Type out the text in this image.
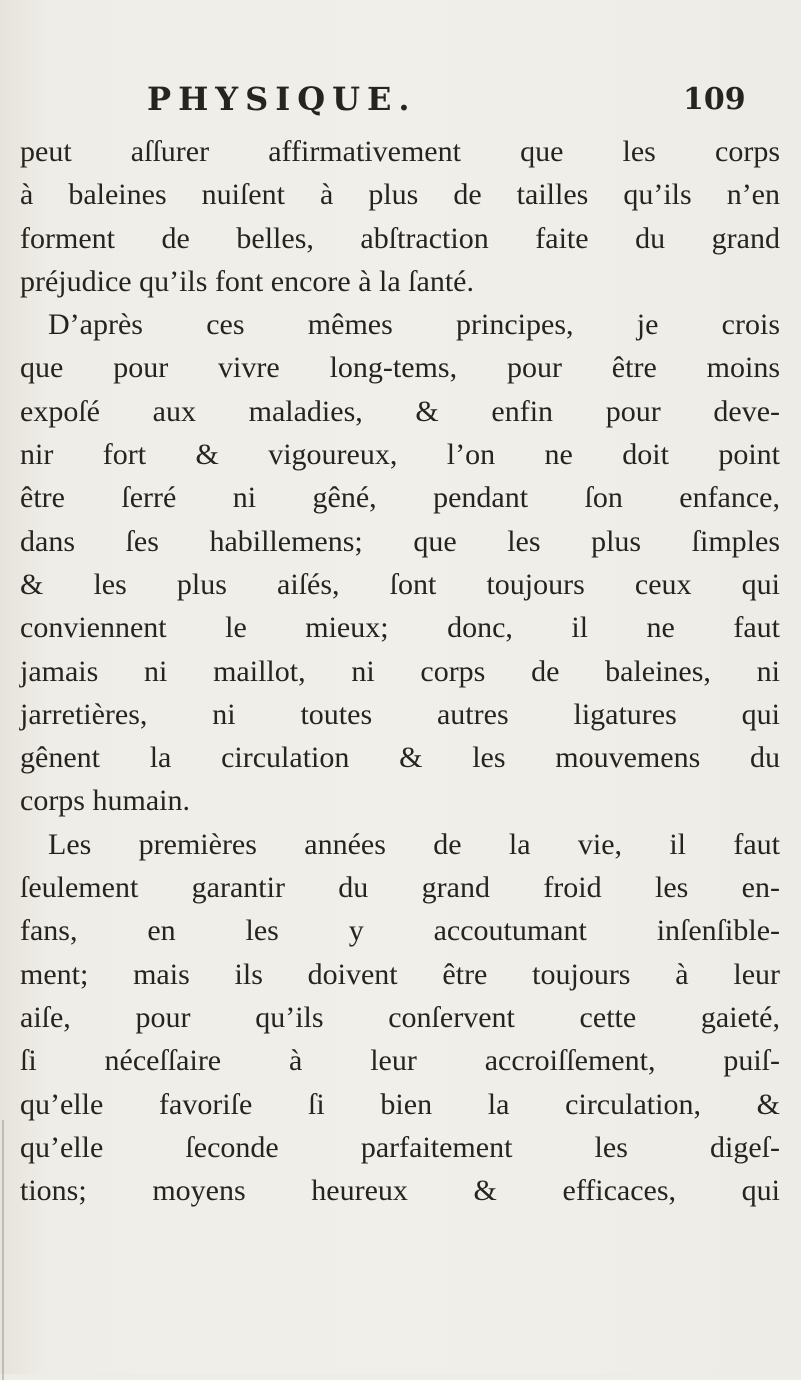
PHYSIQUE.	109
peut aſſurer affirmativement que les corps
à baleines nuiſent à plus de tailles qu’ils n’en
forment de belles, abſtraction faite du grand
préjudice qu’ils font encore à la ſanté.
D’après ces mêmes principes, je crois
que pour vivre long-tems, pour être moins
expoſé aux maladies, & enfin pour deve-
nir fort & vigoureux, l’on ne doit point
être ſerré ni gêné, pendant ſon enfance,
dans ſes habillemens; que les plus ſimples
& les plus aiſés, ſont toujours ceux qui
conviennent le mieux; donc, il ne faut
jamais ni maillot, ni corps de baleines, ni
jarretières, ni toutes autres ligatures qui
gênent la circulation & les mouvemens du
corps humain.
Les premières années de la vie, il faut
ſeulement garantir du grand froid les en-
fans, en les y accoutumant inſenſible-
ment; mais ils doivent être toujours à leur
aiſe, pour qu’ils conſervent cette gaieté,
ſi néceſſaire à leur accroiſſement, puiſ-
qu’elle favoriſe ſi bien la circulation, &
qu’elle ſeconde parfaitement les digeſ-
tions; moyens heureux & efficaces, qui
